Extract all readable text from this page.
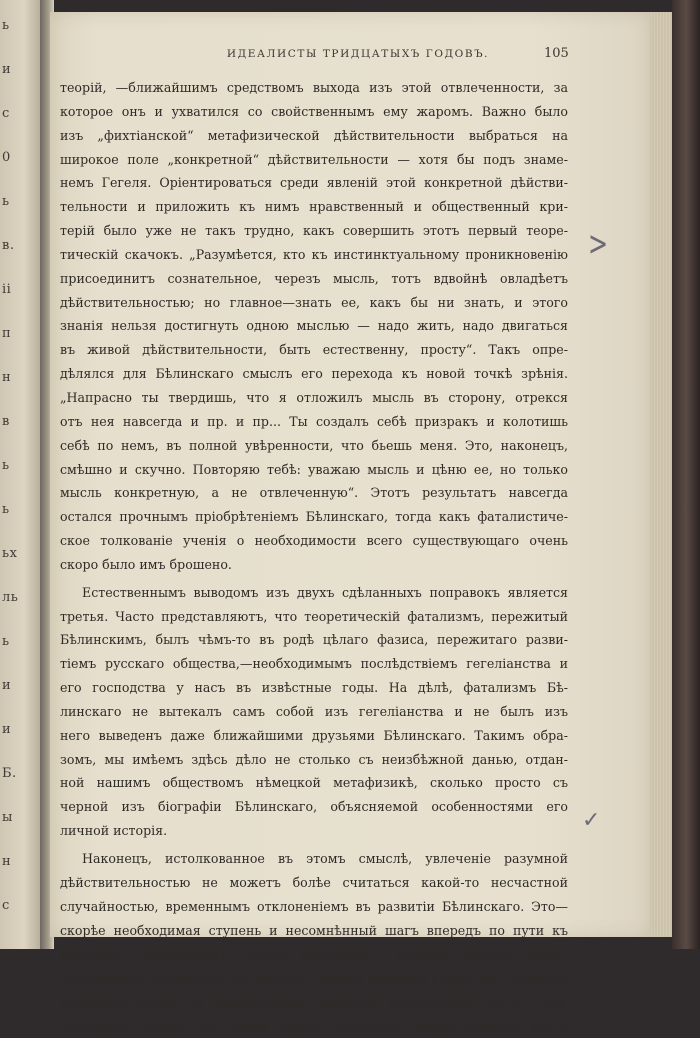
ь
и
с
0
ь
в.
ii
п
н
в
ь
ь
ьх
ль
ь
и
и
Б.
ы
н
с
ИДЕАЛИСТЫ ТРИДЦАТЫХЪ ГОДОВЪ.	105
теорій, —ближайшимъ средствомъ выхода изъ этой отвлеченности, за
которое онъ и ухватился со свойственнымъ ему жаромъ. Важно было
изъ „фихтіанской“ метафизической дѣйствительности выбраться на
широкое поле „конкретной“ дѣйствительности — хотя бы подъ знаме-
немъ Гегеля. Оріентироваться среди явленій этой конкретной дѣйстви-
тельности и приложить къ нимъ нравственный и общественный кри-
терій было уже не такъ трудно, какъ совершить этотъ первый теоре-
тическій скачокъ. „Разумѣется, кто къ инстинктуальному проникновенію
присоединитъ сознательное, черезъ мысль, тотъ вдвойнѣ овладѣетъ
дѣйствительностью; но главное—знать ее, какъ бы ни знать, и этого
знанія нельзя достигнуть одною мыслью — надо жить, надо двигаться
въ живой дѣйствительности, быть естественну, просту“. Такъ опре-
дѣлялся для Бѣлинскаго смыслъ его перехода къ новой точкѣ зрѣнія.
„Напрасно ты твердишь, что я отложилъ мысль въ сторону, отрекся
отъ нея навсегда и пр. и пр... Ты создалъ себѣ призракъ и колотишь
себѣ по немъ, въ полной увѣренности, что бьешь меня. Это, наконецъ,
смѣшно и скучно. Повторяю тебѣ: уважаю мысль и цѣню ее, но только
мысль конкретную, а не отвлеченную“. Этотъ результатъ навсегда
остался прочнымъ пріобрѣтеніемъ Бѣлинскаго, тогда какъ фаталистиче-
ское толкованіе ученія о необходимости всего существующаго очень
скоро было имъ брошено.
Естественнымъ выводомъ изъ двухъ сдѣланныхъ поправокъ является
третья. Часто представляютъ, что теоретическій фатализмъ, пережитый
Бѣлинскимъ, былъ чѣмъ-то въ родѣ цѣлаго фазиса, пережитаго разви-
тіемъ русскаго общества,—необходимымъ послѣдствіемъ гегеліанства и
его господства у насъ въ извѣстные годы. На дѣлѣ, фатализмъ Бѣ-
линскаго не вытекалъ самъ собой изъ гегеліанства и не былъ изъ
него выведенъ даже ближайшими друзьями Бѣлинскаго. Такимъ обра-
зомъ, мы имѣемъ здѣсь дѣло не столько съ неизбѣжной данью, отдан-
ной нашимъ обществомъ нѣмецкой метафизикѣ, сколько просто съ
черной изъ біографіи Бѣлинскаго, объясняемой особенностями его
личной исторія.
Наконецъ, истолкованное въ этомъ смыслѣ, увлеченіе разумной
дѣйствительностью не можетъ болѣе считаться какой-то несчастной
случайностью, временнымъ отклоненіемъ въ развитіи Бѣлинскаго. Это—
скорѣе необходимая ступень и несомнѣнный шагъ впередъ по пути къ
реализму позднѣйшихъ годовъ Бѣлинскаго: первый зрѣлый плодъ,
органически созданный его жизнью; первый прочный результатъ тяжелой
душевной борьбы за міровоззрѣніе, наиболѣе подходившее къ его пси-
хическому складу. Въ своей теоріи Бѣлинскій только подвелъ итоги
>
✓
